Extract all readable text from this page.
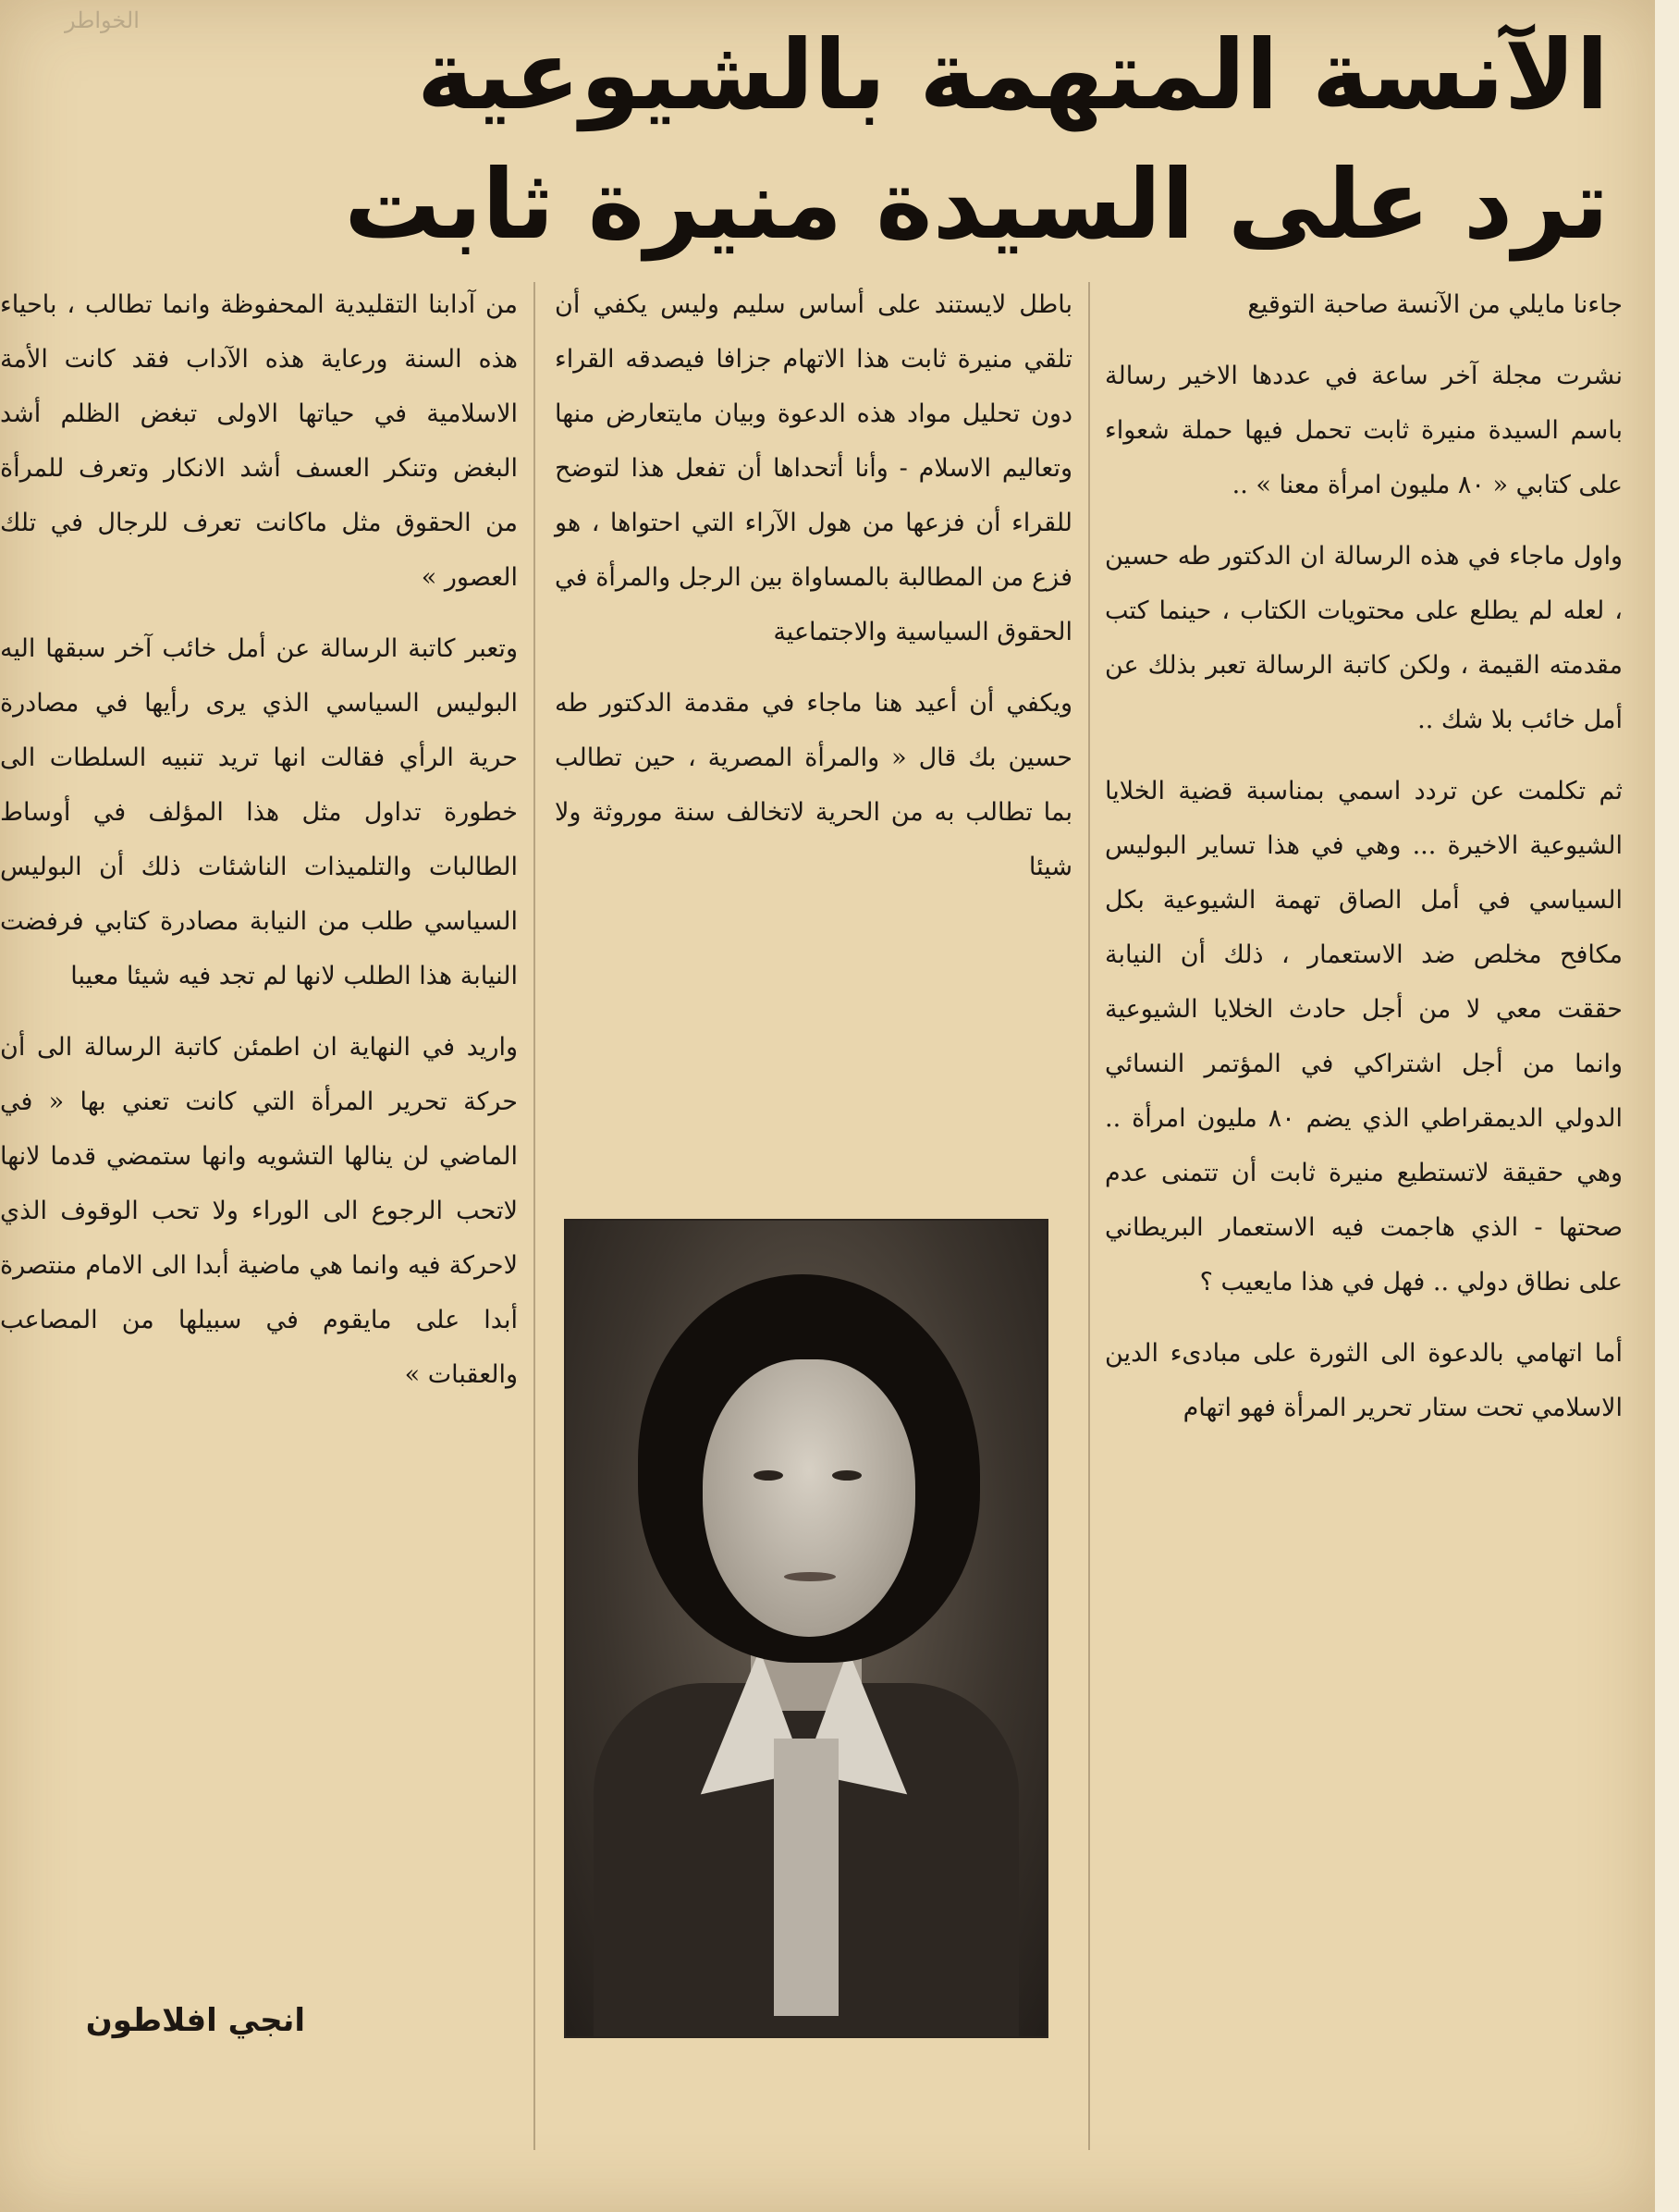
الخواطر	الآنسة المتهمة بالشيوعية
ترد على السيدة منيرة ثابت

جاءنا مايلي من الآنسة صاحبة التوقيع

نشرت مجلة آخر ساعة في عددها الاخير رسالة باسم السيدة منيرة ثابت تحمل فيها حملة شعواء على كتابي « ٨٠ مليون امرأة معنا » ..

واول ماجاء في هذه الرسالة ان الدكتور طه حسين ، لعله لم يطلع على محتويات الكتاب ، حينما كتب مقدمته القيمة ، ولكن كاتبة الرسالة تعبر بذلك عن أمل خائب بلا شك ..

ثم تكلمت عن تردد اسمي بمناسبة قضية الخلايا الشيوعية الاخيرة ... وهي في هذا تساير البوليس السياسي في أمل الصاق تهمة الشيوعية بكل مكافح مخلص ضد الاستعمار ، ذلك أن النيابة حققت معي لا من أجل حادث الخلايا الشيوعية وانما من أجل اشتراكي في المؤتمر النسائي الدولي الديمقراطي الذي يضم ٨٠ مليون امرأة .. وهي حقيقة لاتستطيع منيرة ثابت أن تتمنى عدم صحتها - الذي هاجمت فيه الاستعمار البريطاني على نطاق دولي .. فهل في هذا مايعيب ؟

أما اتهامي بالدعوة الى الثورة على مبادىء الدين الاسلامي تحت ستار تحرير المرأة فهو اتهام

باطل لايستند على أساس سليم وليس يكفي أن تلقي منيرة ثابت هذا الاتهام جزافا فيصدقه القراء دون تحليل مواد هذه الدعوة وبيان مايتعارض منها وتعاليم الاسلام - وأنا أتحداها أن تفعل هذا لتوضح للقراء أن فزعها من هول الآراء التي احتواها ، هو فزع من المطالبة بالمساواة بين الرجل والمرأة في الحقوق السياسية والاجتماعية

ويكفي أن أعيد هنا ماجاء في مقدمة الدكتور طه حسين بك قال « والمرأة المصرية ، حين تطالب بما تطالب به من الحرية لاتخالف سنة موروثة ولا شيئا

من آدابنا التقليدية المحفوظة وانما تطالب ، باحياء هذه السنة ورعاية هذه الآداب فقد كانت الأمة الاسلامية في حياتها الاولى تبغض الظلم أشد البغض وتنكر العسف أشد الانكار وتعرف للمرأة من الحقوق مثل ماكانت تعرف للرجال في تلك العصور »

وتعبر كاتبة الرسالة عن أمل خائب آخر سبقها اليه البوليس السياسي الذي يرى رأيها في مصادرة حرية الرأي فقالت انها تريد تنبيه السلطات الى خطورة تداول مثل هذا المؤلف في أوساط الطالبات والتلميذات الناشئات ذلك أن البوليس السياسي طلب من النيابة مصادرة كتابي فرفضت النيابة هذا الطلب لانها لم تجد فيه شيئا معيبا

واريد في النهاية ان اطمئن كاتبة الرسالة الى أن حركة تحرير المرأة التي كانت تعني بها « في الماضي لن ينالها التشويه وانها ستمضي قدما لانها لاتحب الرجوع الى الوراء ولا تحب الوقوف الذي لاحركة فيه وانما هي ماضية أبدا الى الامام منتصرة أبدا على مايقوم في سبيلها من المصاعب والعقبات »

انجي افلاطون
